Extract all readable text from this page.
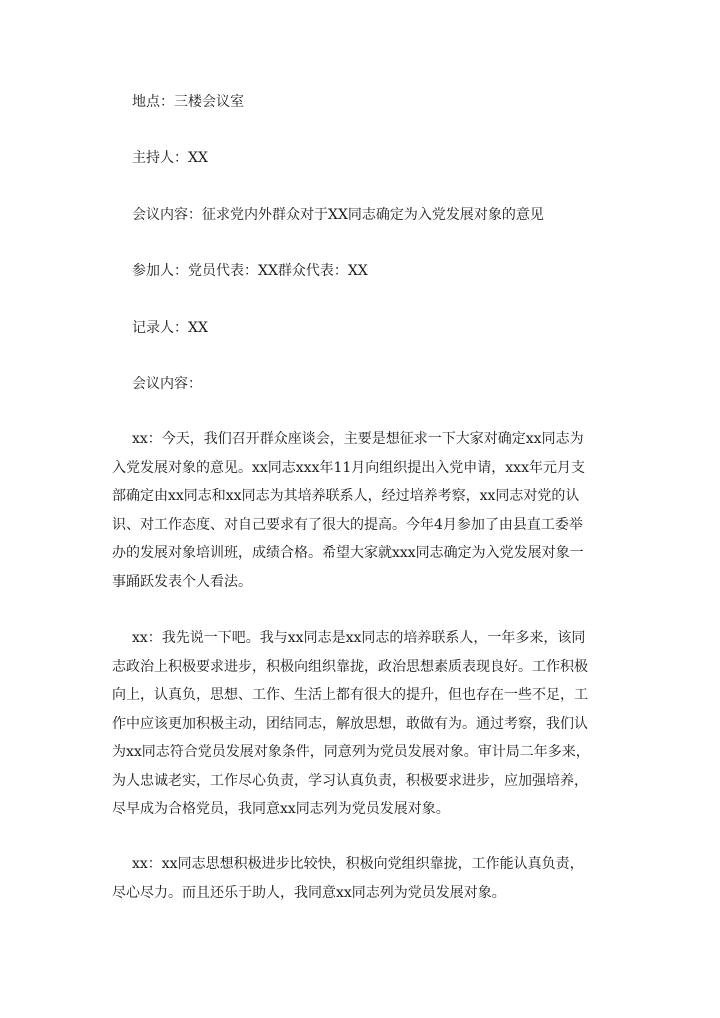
地点：三楼会议室
主持人：XX
会议内容：征求党内外群众对于XX同志确定为入党发展对象的意见
参加人：党员代表：XX群众代表：XX
记录人：XX
会议内容：
xx：今天，我们召开群众座谈会，主要是想征求一下大家对确定xx同志为
入党发展对象的意见。xx同志xxx年11月向组织提出入党申请，xxx年元月支
部确定由xx同志和xx同志为其培养联系人，经过培养考察，xx同志对党的认
识、对工作态度、对自己要求有了很大的提高。今年4月参加了由县直工委举
办的发展对象培训班，成绩合格。希望大家就xxx同志确定为入党发展对象一
事踊跃发表个人看法。
xx：我先说一下吧。我与xx同志是xx同志的培养联系人，一年多来，该同
志政治上积极要求进步，积极向组织靠拢，政治思想素质表现良好。工作积极
向上，认真负，思想、工作、生活上都有很大的提升，但也存在一些不足，工
作中应该更加积极主动，团结同志，解放思想，敢做有为。通过考察，我们认
为xx同志符合党员发展对象条件，同意列为党员发展对象。审计局二年多来，
为人忠诚老实，工作尽心负责，学习认真负责，积极要求进步，应加强培养，
尽早成为合格党员，我同意xx同志列为党员发展对象。
xx：xx同志思想积极进步比较快，积极向党组织靠拢，工作能认真负责，
尽心尽力。而且还乐于助人，我同意xx同志列为党员发展对象。
